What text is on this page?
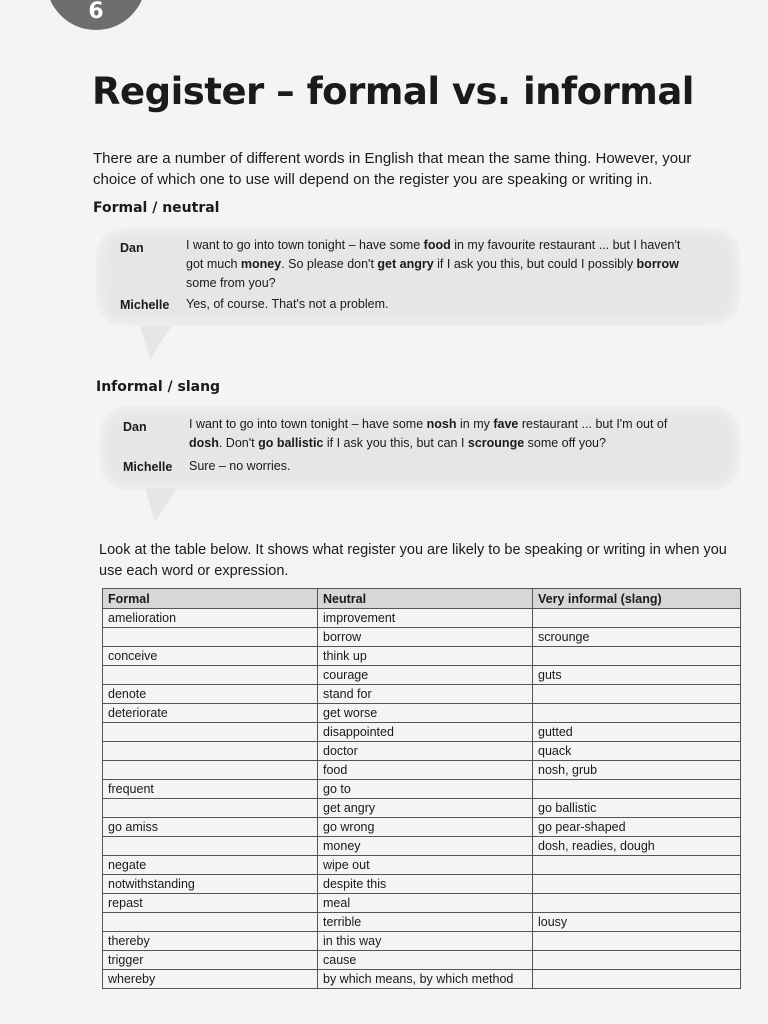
6
Register – formal vs. informal

There are a number of different words in English that mean the same thing. However, your choice of which one to use will depend on the register you are speaking or writing in.

Formal / neutral
Dan	I want to go into town tonight – have some food in my favourite restaurant ... but I haven't
got much money. So please don't get angry if I ask you this, but could I possibly borrow
some from you?
Michelle Yes, of course. That's not a problem.
Informal / slang
Dan	I want to go into town tonight – have some nosh in my fave restaurant ... but I'm out of
dosh. Don't go ballistic if I ask you this, but can I scrounge some off you?
Michelle Sure – no worries.

Look at the table below. It shows what register you are likely to be speaking or writing in when you use each word or expression.

Formal	Neutral	Very informal (slang)
amelioration	improvement	
	borrow	scrounge
conceive	think up	
	courage	guts
denote	stand for	
deteriorate	get worse	
	disappointed	gutted
	doctor	quack
	food	nosh, grub
frequent	go to	
	get angry	go ballistic
go amiss	go wrong	go pear-shaped
	money	dosh, readies, dough
negate	wipe out	
notwithstanding	despite this	
repast	meal	
	terrible	lousy
thereby	in this way	
trigger	cause	
whereby	by which means, by which method	
